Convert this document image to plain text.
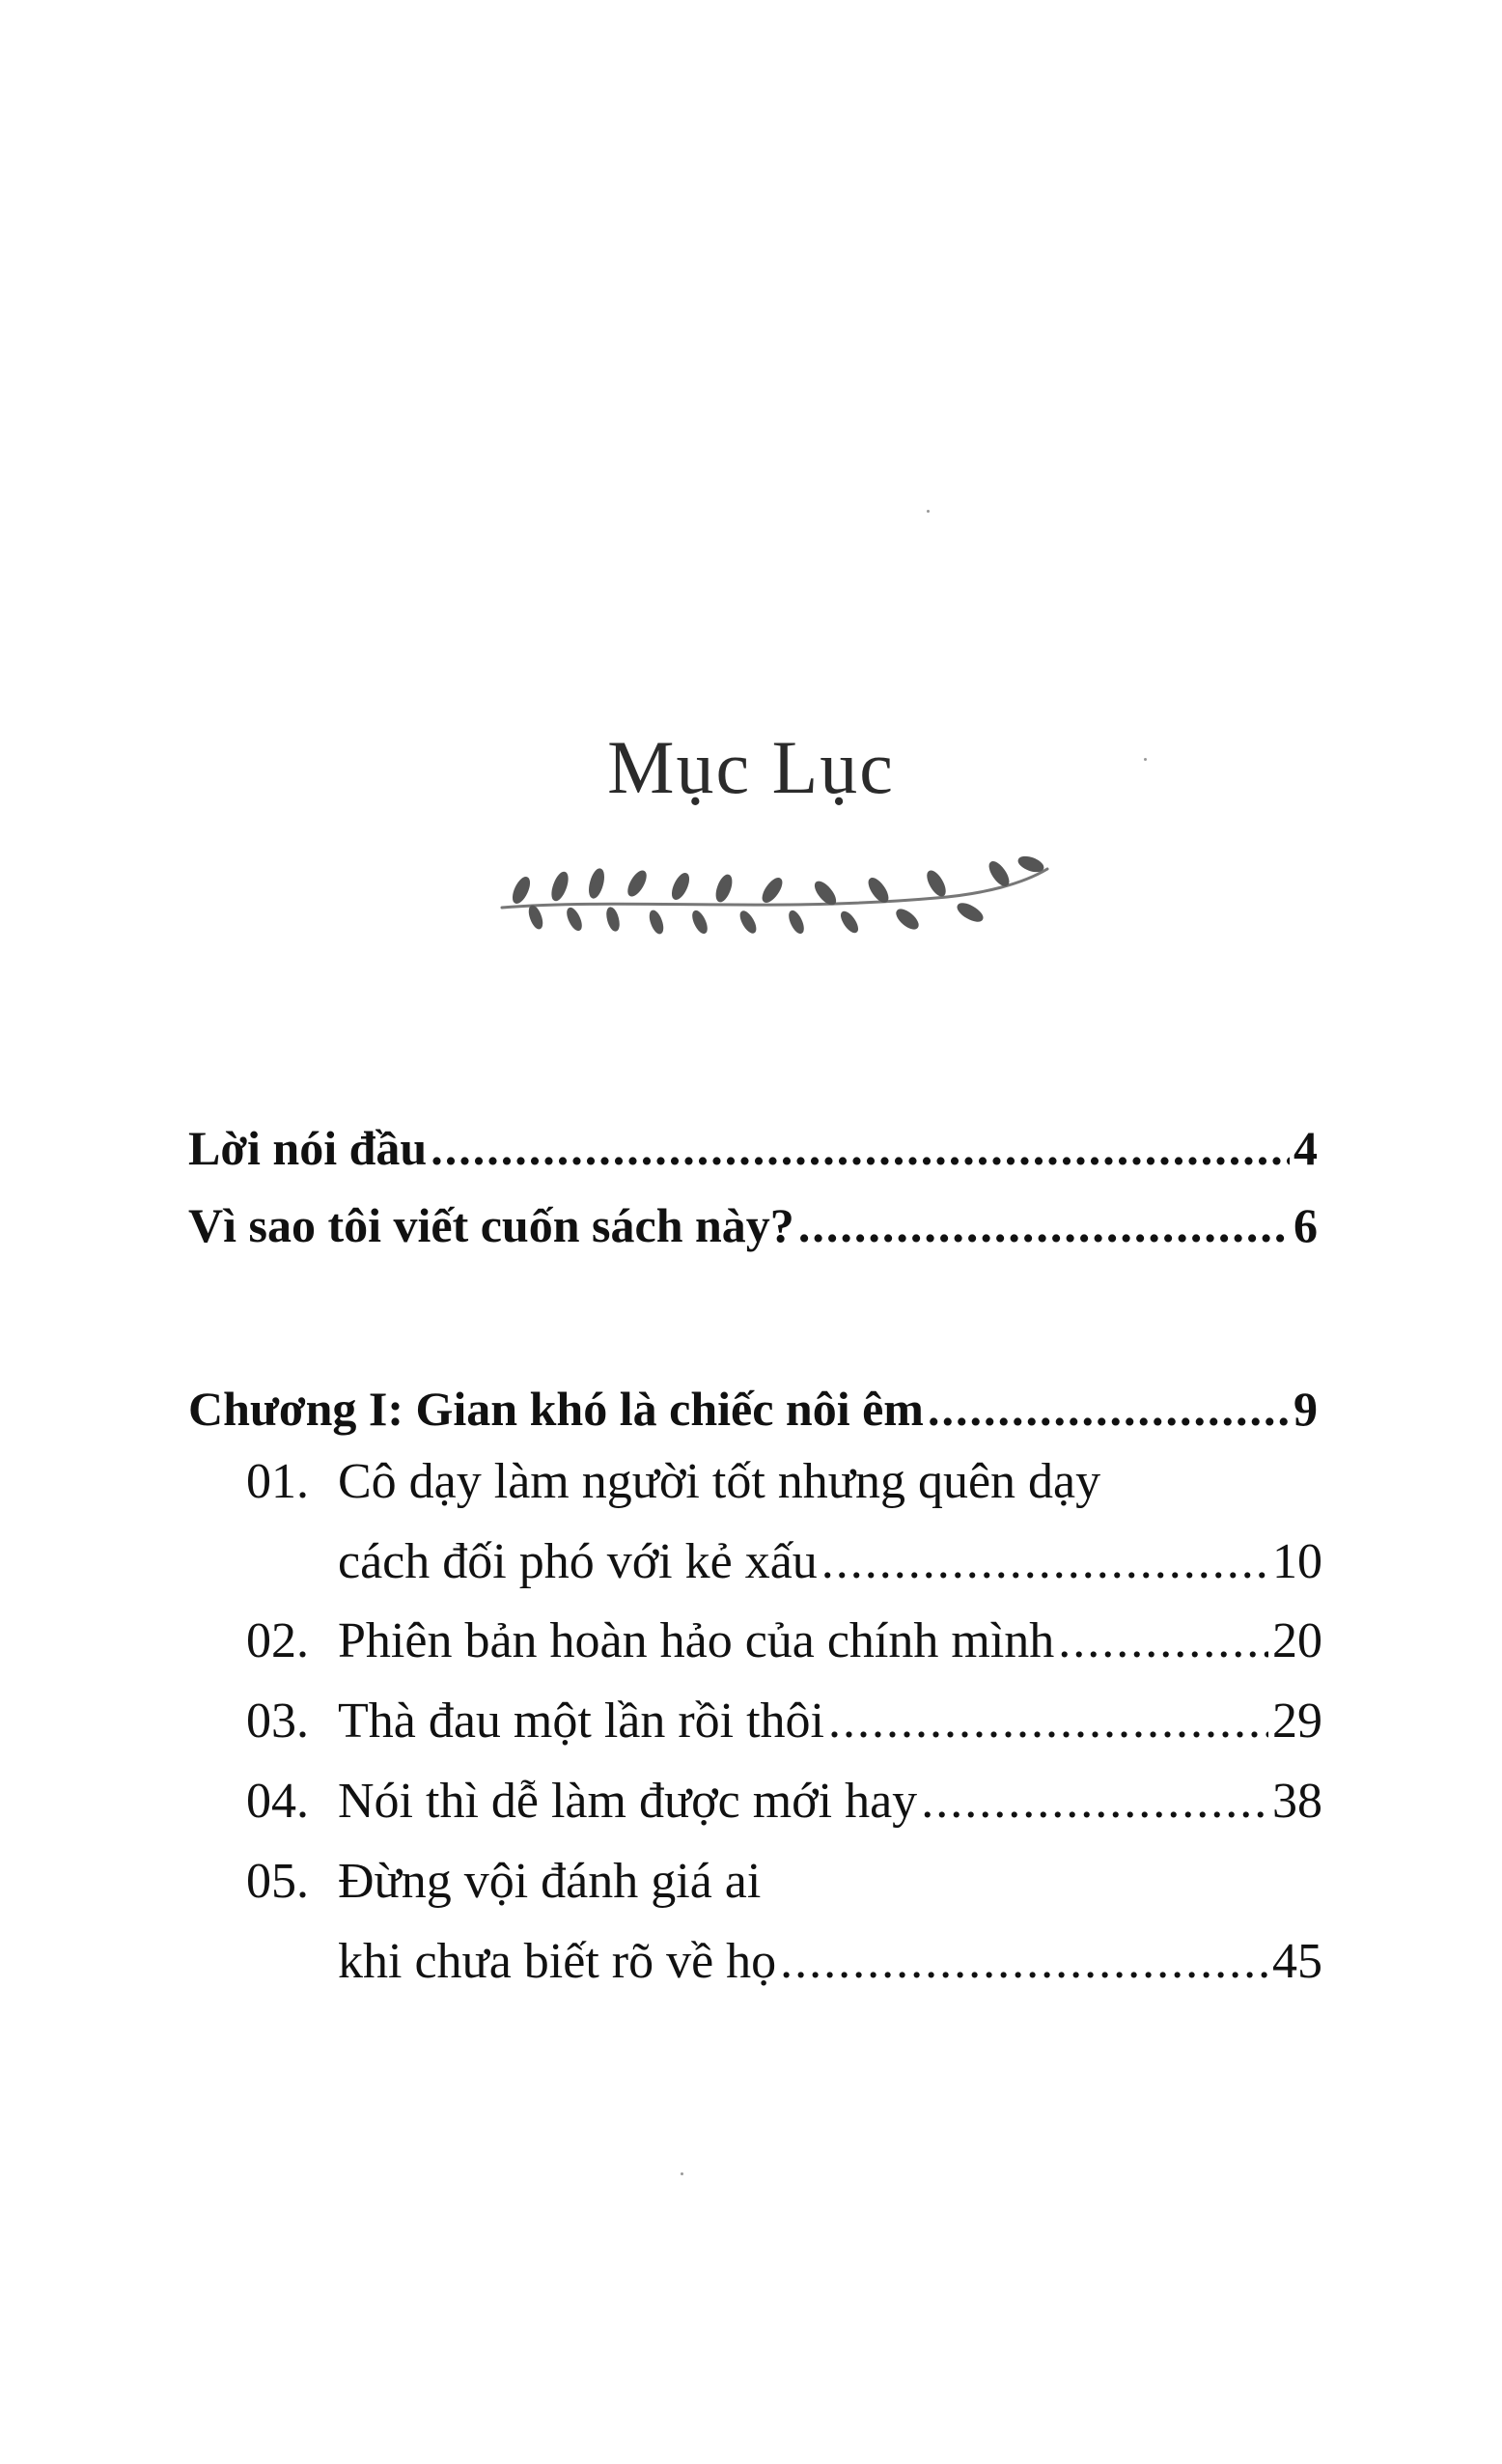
Mục Lục
Lời nói đầu .....	4
Vì sao tôi viết cuốn sách này? .....	6
Chương I: Gian khó là chiếc nôi êm .....	9
01. Cô dạy làm người tốt nhưng quên dạy
cách đối phó với kẻ xấu .....	10
02. Phiên bản hoàn hảo của chính mình .....	20
03. Thà đau một lần rồi thôi .....	29
04. Nói thì dễ làm được mới hay .....	38
05. Đừng vội đánh giá ai
khi chưa biết rõ về họ .....	45
